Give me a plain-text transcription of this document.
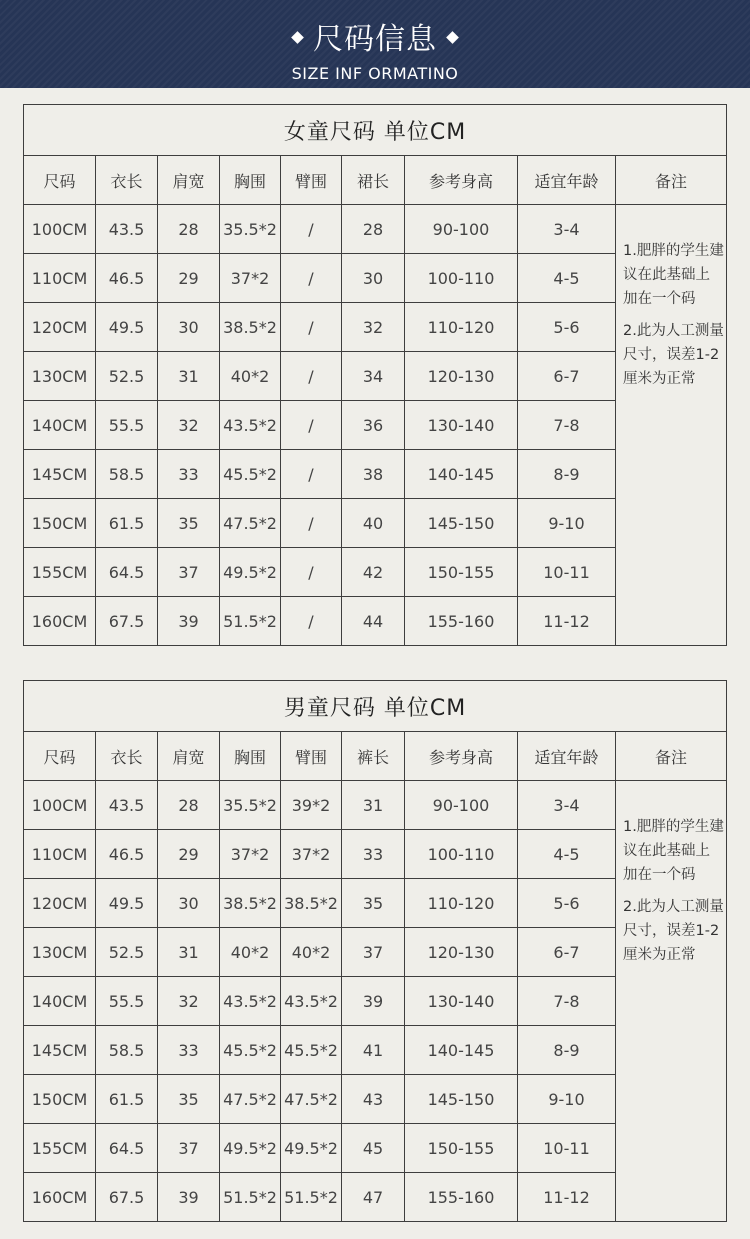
尺码信息
SIZE INF ORMATINO
女童尺码 单位CM								
尺码	衣长	肩宽	胸围	臂围	裙长	参考身高	适宜年龄	备注
100CM	43.5	28	35.5*2	/	28	90-100	3-4	1.肥胖的学生建议在此基础上加在一个码

2.此为人工测量尺寸，误差1-2厘米为正常

110CM	46.5	29	37*2	/	30	100-110	4-5	
120CM	49.5	30	38.5*2	/	32	110-120	5-6	
130CM	52.5	31	40*2	/	34	120-130	6-7	
140CM	55.5	32	43.5*2	/	36	130-140	7-8	
145CM	58.5	33	45.5*2	/	38	140-145	8-9	
150CM	61.5	35	47.5*2	/	40	145-150	9-10	
155CM	64.5	37	49.5*2	/	42	150-155	10-11	
160CM	67.5	39	51.5*2	/	44	155-160	11-12	
男童尺码 单位CM								
尺码	衣长	肩宽	胸围	臂围	裤长	参考身高	适宜年龄	备注
100CM	43.5	28	35.5*2	39*2	31	90-100	3-4	1.肥胖的学生建议在此基础上加在一个码

2.此为人工测量尺寸，误差1-2厘米为正常

110CM	46.5	29	37*2	37*2	33	100-110	4-5	
120CM	49.5	30	38.5*2	38.5*2	35	110-120	5-6	
130CM	52.5	31	40*2	40*2	37	120-130	6-7	
140CM	55.5	32	43.5*2	43.5*2	39	130-140	7-8	
145CM	58.5	33	45.5*2	45.5*2	41	140-145	8-9	
150CM	61.5	35	47.5*2	47.5*2	43	145-150	9-10	
155CM	64.5	37	49.5*2	49.5*2	45	150-155	10-11	
160CM	67.5	39	51.5*2	51.5*2	47	155-160	11-12	
